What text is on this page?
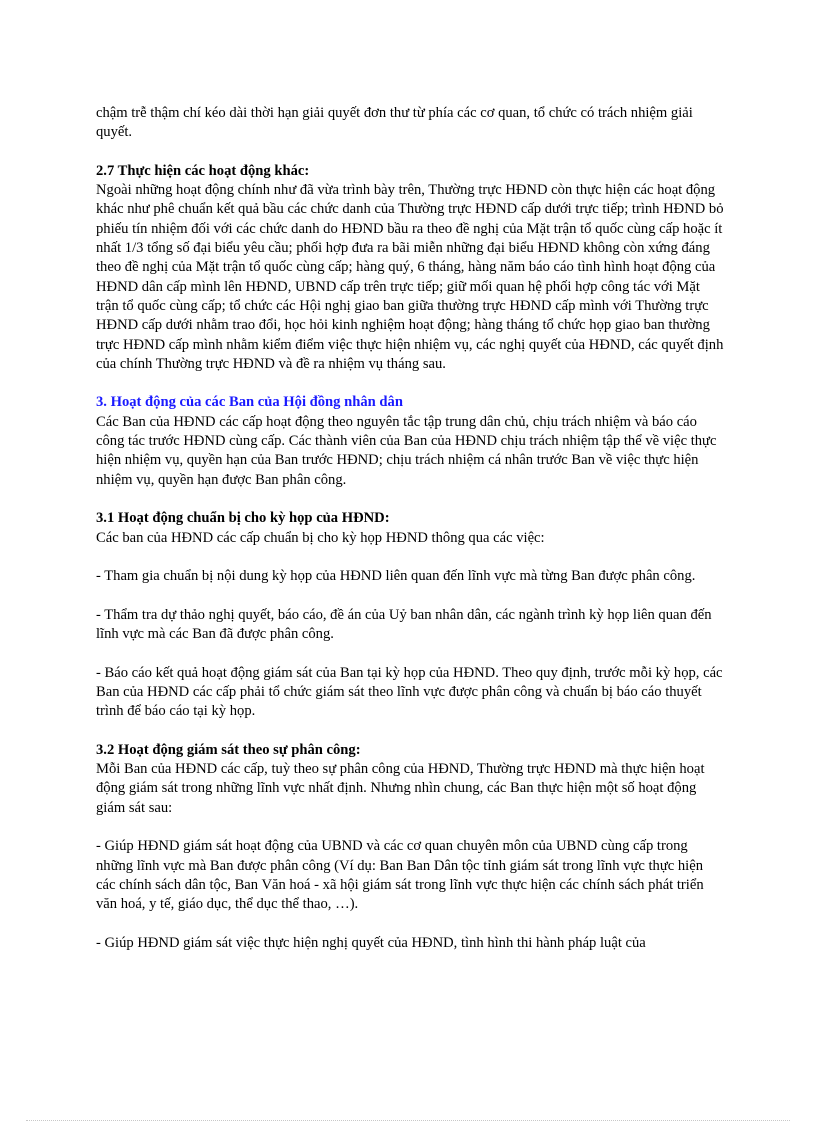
chậm trễ thậm chí kéo dài thời hạn giải quyết đơn thư từ phía các cơ quan, tổ chức có trách nhiệm giải quyết.

2.7 Thực hiện các hoạt động khác:

Ngoài những hoạt động chính như đã vừa trình bày trên, Thường trực HĐND còn thực hiện các hoạt động khác như phê chuẩn kết quả bầu các chức danh của Thường trực HĐND cấp dưới trực tiếp; trình HĐND bỏ phiếu tín nhiệm đối với các chức danh do HĐND bầu ra theo đề nghị của Mặt trận tổ quốc cùng cấp hoặc ít nhất 1/3 tổng số đại biểu yêu cầu; phối hợp đưa ra bãi miễn những đại biểu HĐND không còn xứng đáng theo đề nghị của Mặt trận tổ quốc cùng cấp; hàng quý, 6 tháng, hàng năm báo cáo tình hình hoạt động của HĐND dân cấp mình lên HĐND, UBND cấp trên trực tiếp; giữ mối quan hệ phối hợp công tác với Mặt trận tổ quốc cùng cấp; tổ chức các Hội nghị giao ban giữa thường trực HĐND cấp mình với Thường trực HĐND cấp dưới nhằm trao đổi, học hỏi kinh nghiệm hoạt động; hàng tháng tổ chức họp giao ban thường trực HĐND cấp mình nhằm kiểm điểm việc thực hiện nhiệm vụ, các nghị quyết của HĐND, các quyết định của chính Thường trực HĐND và đề ra nhiệm vụ tháng sau.

3. Hoạt động của các Ban của Hội đồng nhân dân

Các Ban của HĐND các cấp hoạt động theo nguyên tắc tập trung dân chủ, chịu trách nhiệm và báo cáo công tác trước HĐND cùng cấp. Các thành viên của Ban của HĐND chịu trách nhiệm tập thể về việc thực hiện nhiệm vụ, quyền hạn của Ban trước HĐND; chịu trách nhiệm cá nhân trước Ban về việc thực hiện nhiệm vụ, quyền hạn được Ban phân công.

3.1 Hoạt động chuẩn bị cho kỳ họp của HĐND:

Các ban của HĐND các cấp chuẩn bị cho kỳ họp HĐND thông qua các việc:

- Tham gia chuẩn bị nội dung kỳ họp của HĐND liên quan đến lĩnh vực mà từng Ban được phân công.

- Thẩm tra dự thảo nghị quyết, báo cáo, đề án của Uỷ ban nhân dân, các ngành trình kỳ họp liên quan đến lĩnh vực mà các Ban đã được phân công.

- Báo cáo kết quả hoạt động giám sát của Ban tại kỳ họp của HĐND. Theo quy định, trước mỗi kỳ họp, các Ban của HĐND các cấp phải tổ chức giám sát theo lĩnh vực được phân công và chuẩn bị báo cáo thuyết trình để báo cáo tại kỳ họp.

3.2 Hoạt động giám sát theo sự phân công:

Mỗi Ban của HĐND các cấp, tuỳ theo sự phân công của HĐND, Thường trực HĐND mà thực hiện hoạt động giám sát trong những lĩnh vực nhất định. Nhưng nhìn chung, các Ban thực hiện một số hoạt động giám sát sau:

- Giúp HĐND giám sát hoạt động của UBND và các cơ quan chuyên môn của UBND cùng cấp trong những lĩnh vực mà Ban được phân công (Ví dụ: Ban Ban Dân tộc tỉnh giám sát trong lĩnh vực thực hiện các chính sách dân tộc, Ban Văn hoá - xã hội giám sát trong lĩnh vực thực hiện các chính sách phát triển văn hoá, y tế, giáo dục, thể dục thể thao, …).

- Giúp HĐND giám sát việc thực hiện nghị quyết của HĐND, tình hình thi hành pháp luật của
